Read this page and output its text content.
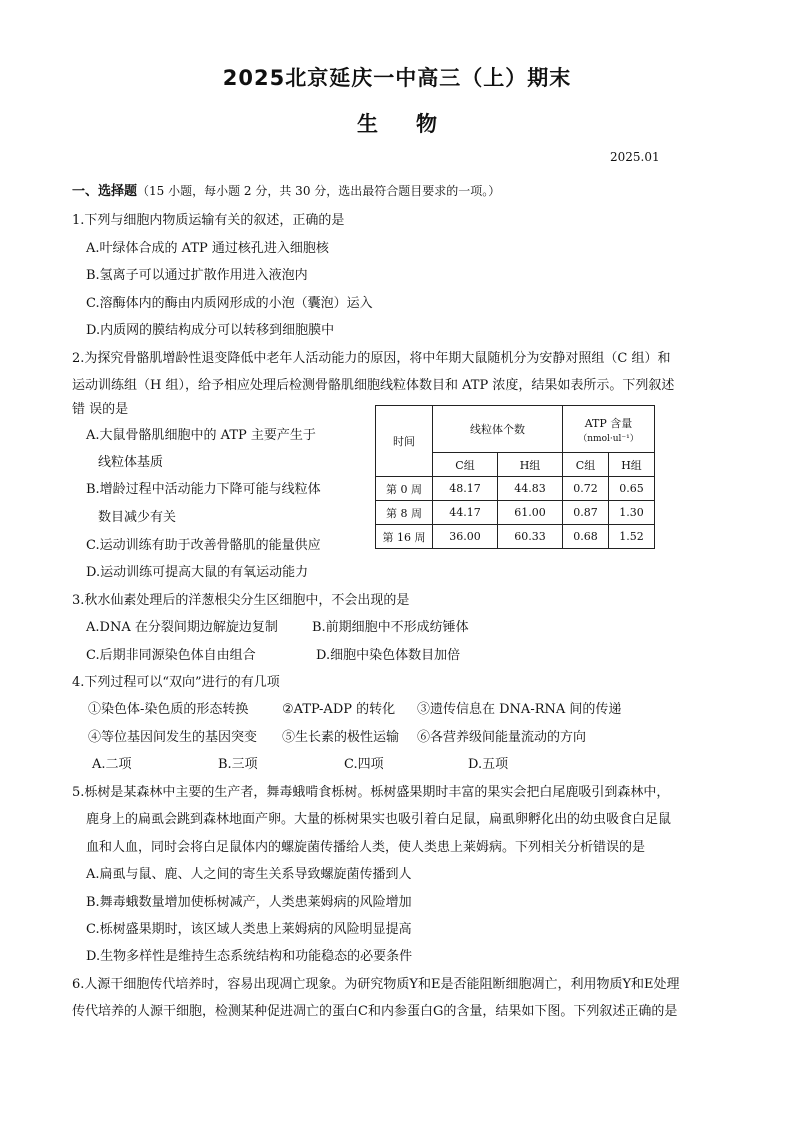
2025北京延庆一中高三（上）期末
生物
2025.01
一、选择题（15 小题，每小题 2 分，共 30 分，选出最符合题目要求的一项。）
1.下列与细胞内物质运输有关的叙述，正确的是
A.叶绿体合成的 ATP 通过核孔进入细胞核
B.氢离子可以通过扩散作用进入液泡内
C.溶酶体内的酶由内质网形成的小泡（囊泡）运入
D.内质网的膜结构成分可以转移到细胞膜中
2.为探究骨骼肌增龄性退变降低中老年人活动能力的原因，将中年期大鼠随机分为安静对照组（C 组）和
运动训练组（H 组），给予相应处理后检测骨骼肌细胞线粒体数目和 ATP 浓度，结果如表所示。下列叙述
错 误的是
A.大鼠骨骼肌细胞中的 ATP 主要产生于
线粒体基质
B.增龄过程中活动能力下降可能与线粒体
数目减少有关
C.运动训练有助于改善骨骼肌的能量供应
D.运动训练可提高大鼠的有氧运动能力
时间	线粒体个数		ATP 含量
（nmol·ul⁻¹）	

	C组	H组	C组	H组
第 0 周	48.17	44.83	0.72	0.65
第 8 周	44.17	61.00	0.87	1.30
第 16 周	36.00	60.33	0.68	1.52
3.秋水仙素处理后的洋葱根尖分生区细胞中，不会出现的是
A.DNA 在分裂间期边解旋边复制	B.前期细胞中不形成纺锤体
C.后期非同源染色体自由组合	D.细胞中染色体数目加倍
4.下列过程可以“双向”进行的有几项
①染色体-染色质的形态转换	②ATP-ADP 的转化 ③遗传信息在 DNA-RNA 间的传递
④等位基因间发生的基因突变 ⑤生长素的极性运输 ⑥各营养级间能量流动的方向
A.二项	B.三项	C.四项	D.五项
5.栎树是某森林中主要的生产者，舞毒蛾啃食栎树。栎树盛果期时丰富的果实会把白尾鹿吸引到森林中，
鹿身上的扁虱会跳到森林地面产卵。大量的栎树果实也吸引着白足鼠，扁虱卵孵化出的幼虫吸食白足鼠
血和人血，同时会将白足鼠体内的螺旋菌传播给人类，使人类患上莱姆病。下列相关分析错误的是
A.扁虱与鼠、鹿、人之间的寄生关系导致螺旋菌传播到人
B.舞毒蛾数量增加使栎树减产，人类患莱姆病的风险增加
C.栎树盛果期时，该区域人类患上莱姆病的风险明显提高
D.生物多样性是维持生态系统结构和功能稳态的必要条件
6.人源干细胞传代培养时，容易出现凋亡现象。为研究物质Y和E是否能阻断细胞凋亡，利用物质Y和E处理
传代培养的人源干细胞，检测某种促进凋亡的蛋白C和内参蛋白G的含量，结果如下图。下列叙述正确的是
